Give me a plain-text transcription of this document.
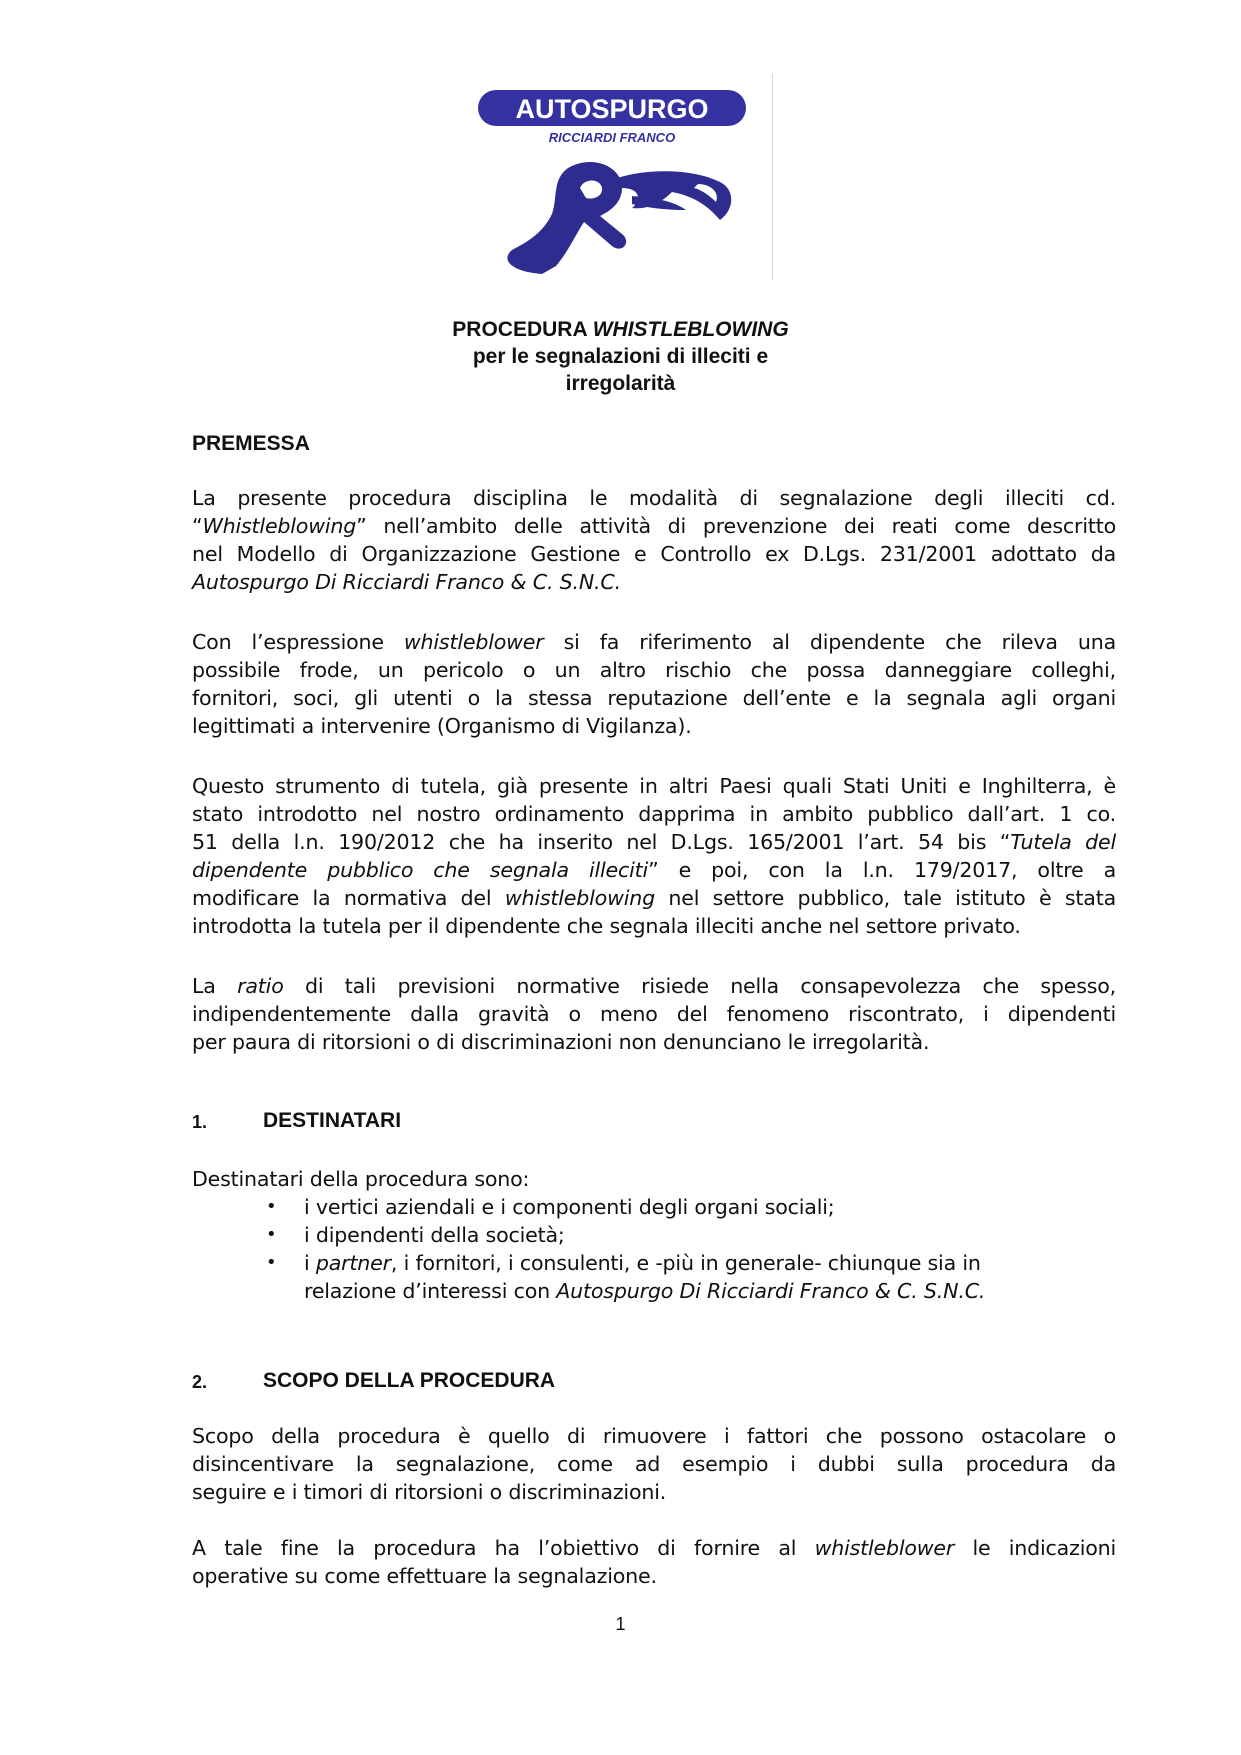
AUTOSPURGO
RICCIARDI FRANCO
PROCEDURA WHISTLEBLOWING
per le segnalazioni di illeciti e
irregolarità
PREMESSA
La presente procedura disciplina le modalità di segnalazione degli illeciti cd.
“Whistleblowing” nell’ambito delle attività di prevenzione dei reati come descritto
nel Modello di Organizzazione Gestione e Controllo ex D.Lgs. 231/2001 adottato da
Autospurgo Di Ricciardi Franco & C. S.N.C.
Con l’espressione whistleblower si fa riferimento al dipendente che rileva una
possibile frode, un pericolo o un altro rischio che possa danneggiare colleghi,
fornitori, soci, gli utenti o la stessa reputazione dell’ente e la segnala agli organi
legittimati a intervenire (Organismo di Vigilanza).
Questo strumento di tutela, già presente in altri Paesi quali Stati Uniti e Inghilterra, è
stato introdotto nel nostro ordinamento dapprima in ambito pubblico dall’art. 1 co.
51 della l.n. 190/2012 che ha inserito nel D.Lgs. 165/2001 l’art. 54 bis “Tutela del
dipendente pubblico che segnala illeciti” e poi, con la l.n. 179/2017, oltre a
modificare la normativa del whistleblowing nel settore pubblico, tale istituto è stata
introdotta la tutela per il dipendente che segnala illeciti anche nel settore privato.
La ratio di tali previsioni normative risiede nella consapevolezza che spesso,
indipendentemente dalla gravità o meno del fenomeno riscontrato, i dipendenti
per paura di ritorsioni o di discriminazioni non denunciano le irregolarità.
1.	DESTINATARI
Destinatari della procedura sono:
• i vertici aziendali e i componenti degli organi sociali;
• i dipendenti della società;
• i partner, i fornitori, i consulenti, e -più in generale- chiunque sia in
relazione d’interessi con Autospurgo Di Ricciardi Franco & C. S.N.C.
2.	SCOPO DELLA PROCEDURA
Scopo della procedura è quello di rimuovere i fattori che possono ostacolare o
disincentivare la segnalazione, come ad esempio i dubbi sulla procedura da
seguire e i timori di ritorsioni o discriminazioni.
A tale fine la procedura ha l’obiettivo di fornire al whistleblower le indicazioni
operative su come effettuare la segnalazione.
1
